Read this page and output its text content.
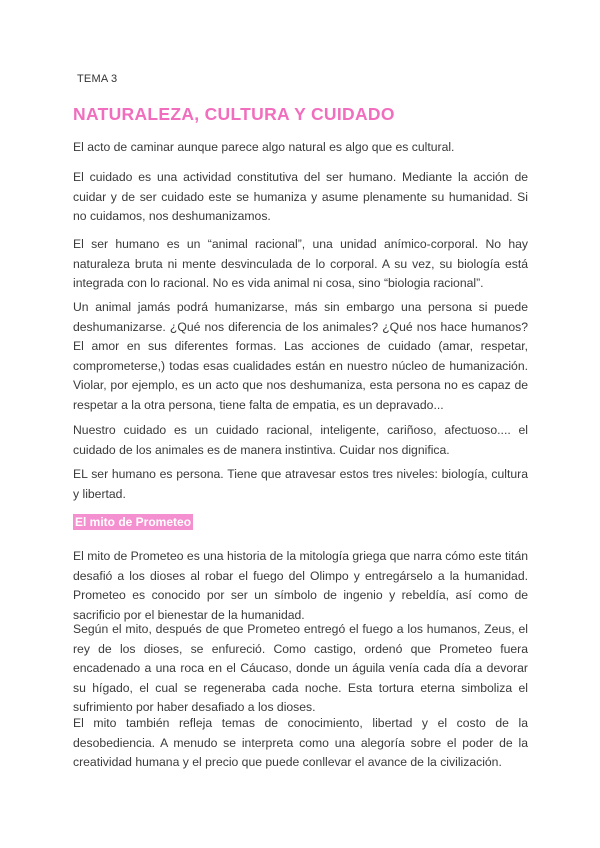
TEMA 3
NATURALEZA, CULTURA Y CUIDADO

El acto de caminar aunque parece algo natural es algo que es cultural.

El cuidado es una actividad constitutiva del ser humano. Mediante la acción de cuidar y de ser cuidado este se humaniza y asume plenamente su humanidad. Si no cuidamos, nos deshumanizamos.

El ser humano es un “animal racional”, una unidad anímico-corporal. No hay naturaleza bruta ni mente desvinculada de lo corporal. A su vez, su biología está integrada con lo racional. No es vida animal ni cosa, sino “biologia racional”.

Un animal jamás podrá humanizarse, más sin embargo una persona si puede deshumanizarse. ¿Qué nos diferencia de los animales? ¿Qué nos hace humanos? El amor en sus diferentes formas. Las acciones de cuidado (amar, respetar, comprometerse,) todas esas cualidades están en nuestro núcleo de humanización. Violar, por ejemplo, es un acto que nos deshumaniza, esta persona no es capaz de respetar a la otra persona, tiene falta de empatia, es un depravado...

Nuestro cuidado es un cuidado racional, inteligente, cariñoso, afectuoso.... el cuidado de los animales es de manera instintiva. Cuidar nos dignifica.

EL ser humano es persona. Tiene que atravesar estos tres niveles: biología, cultura y libertad.

El mito de Prometeo

El mito de Prometeo es una historia de la mitología griega que narra cómo este titán desafió a los dioses al robar el fuego del Olimpo y entregárselo a la humanidad. Prometeo es conocido por ser un símbolo de ingenio y rebeldía, así como de sacrificio por el bienestar de la humanidad.

Según el mito, después de que Prometeo entregó el fuego a los humanos, Zeus, el rey de los dioses, se enfureció. Como castigo, ordenó que Prometeo fuera encadenado a una roca en el Cáucaso, donde un águila venía cada día a devorar su hígado, el cual se regeneraba cada noche. Esta tortura eterna simboliza el sufrimiento por haber desafiado a los dioses.

El mito también refleja temas de conocimiento, libertad y el costo de la desobediencia. A menudo se interpreta como una alegoría sobre el poder de la creatividad humana y el precio que puede conllevar el avance de la civilización.
